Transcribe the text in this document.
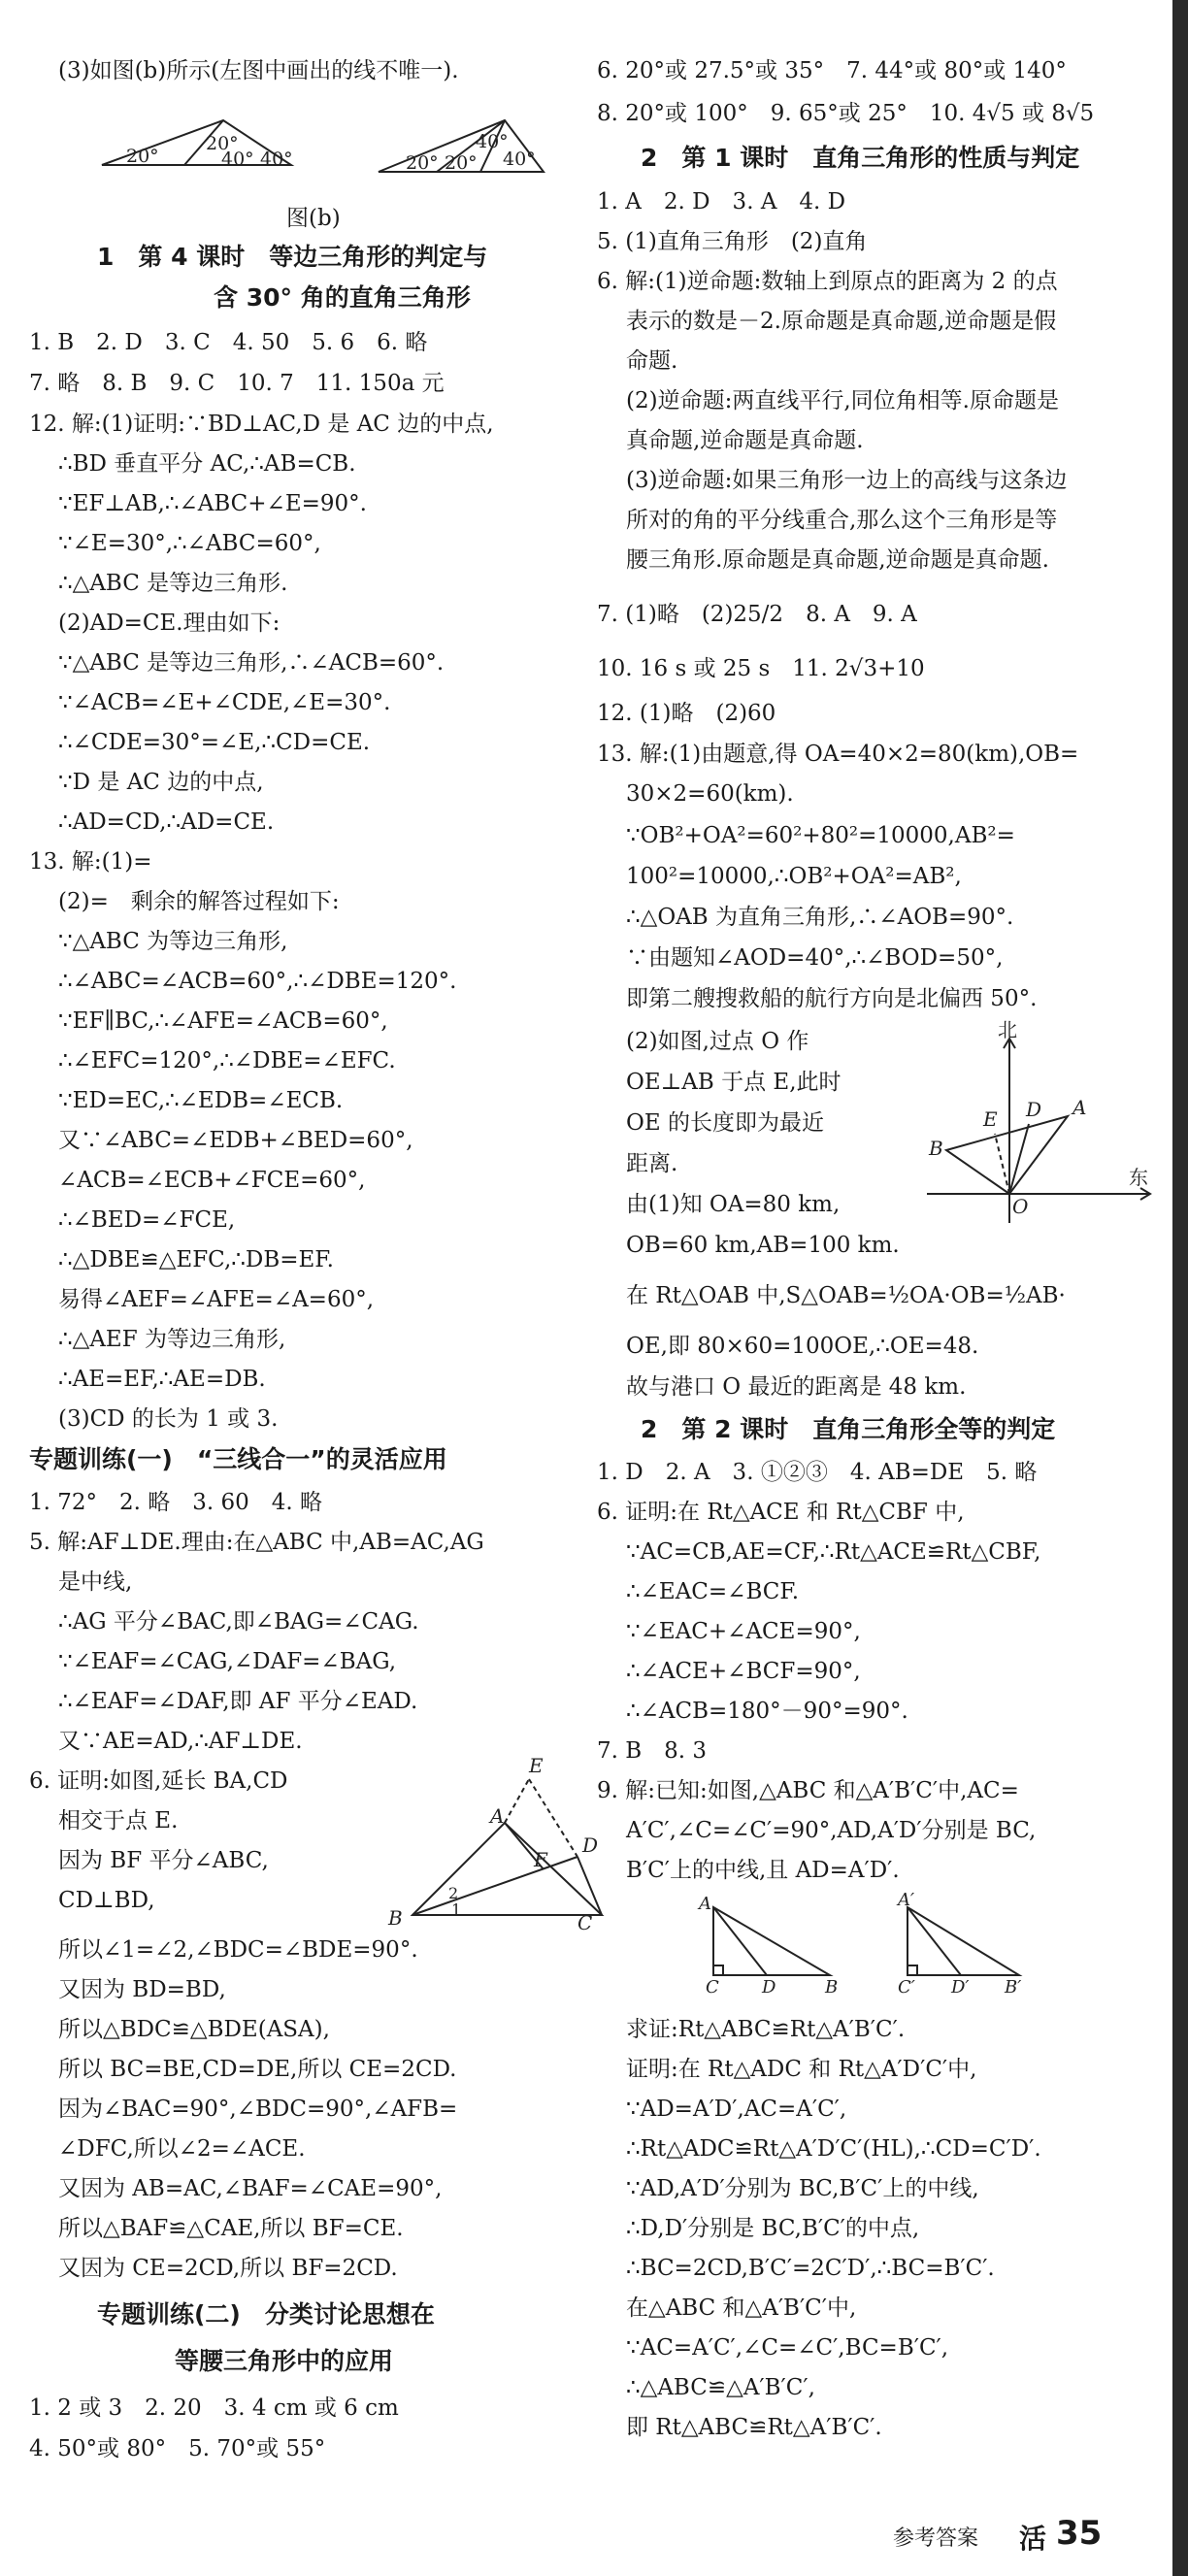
(3)如图(b)所示(左图中画出的线不唯一).
20°
20°
40° 40°
40°
20° 20° 40°
图(b)
1　第 4 课时　等边三角形的判定与
含 30° 角的直角三角形
1. B　2. D　3. C　4. 50　5. 6　6. 略
7. 略　8. B　9. C　10. 7　11. 150a 元
12. 解:(1)证明:∵BD⊥AC,D 是 AC 边的中点,
∴BD 垂直平分 AC,∴AB=CB.
∵EF⊥AB,∴∠ABC+∠E=90°.
∵∠E=30°,∴∠ABC=60°,
∴△ABC 是等边三角形.
(2)AD=CE.理由如下:
∵△ABC 是等边三角形,∴∠ACB=60°.
∵∠ACB=∠E+∠CDE,∠E=30°.
∴∠CDE=30°=∠E,∴CD=CE.
∵D 是 AC 边的中点,
∴AD=CD,∴AD=CE.
13. 解:(1)=
(2)=　剩余的解答过程如下:
∵△ABC 为等边三角形,
∴∠ABC=∠ACB=60°,∴∠DBE=120°.
∵EF∥BC,∴∠AFE=∠ACB=60°,
∴∠EFC=120°,∴∠DBE=∠EFC.
∵ED=EC,∴∠EDB=∠ECB.
又∵∠ABC=∠EDB+∠BED=60°,
∠ACB=∠ECB+∠FCE=60°,
∴∠BED=∠FCE,
∴△DBE≌△EFC,∴DB=EF.
易得∠AEF=∠AFE=∠A=60°,
∴△AEF 为等边三角形,
∴AE=EF,∴AE=DB.
(3)CD 的长为 1 或 3.
专题训练(一)　“三线合一”的灵活应用
1. 72°　2. 略　3. 60　4. 略
5. 解:AF⊥DE.理由:在△ABC 中,AB=AC,AG
是中线,
∴AG 平分∠BAC,即∠BAG=∠CAG.
∵∠EAF=∠CAG,∠DAF=∠BAG,
∴∠EAF=∠DAF,即 AF 平分∠EAD.
又∵AE=AD,∴AF⊥DE.
6. 证明:如图,延长 BA,CD
相交于点 E.
因为 BF 平分∠ABC,
CD⊥BD,
A
B	C
D
E
F
1
2
所以∠1=∠2,∠BDC=∠BDE=90°.
又因为 BD=BD,
所以△BDC≌△BDE(ASA),
所以 BC=BE,CD=DE,所以 CE=2CD.
因为∠BAC=90°,∠BDC=90°,∠AFB=
∠DFC,所以∠2=∠ACE.
又因为 AB=AC,∠BAF=∠CAE=90°,
所以△BAF≌△CAE,所以 BF=CE.
又因为 CE=2CD,所以 BF=2CD.
专题训练(二)　分类讨论思想在
等腰三角形中的应用
1. 2 或 3　2. 20　3. 4 cm 或 6 cm
4. 50°或 80°　5. 70°或 55°
6. 20°或 27.5°或 35°　7. 44°或 80°或 140°
8. 20°或 100°　9. 65°或 25°　10. 4√5 或 8√5
2　第 1 课时　直角三角形的性质与判定
1. A　2. D　3. A　4. D
5. (1)直角三角形　(2)直角
6. 解:(1)逆命题:数轴上到原点的距离为 2 的点
表示的数是－2.原命题是真命题,逆命题是假
命题.
(2)逆命题:两直线平行,同位角相等.原命题是
真命题,逆命题是真命题.
(3)逆命题:如果三角形一边上的高线与这条边
所对的角的平分线重合,那么这个三角形是等
腰三角形.原命题是真命题,逆命题是真命题.
7. (1)略　(2)25/2　8. A　9. A
10. 16 s 或 25 s　11. 2√3+10
12. (1)略　(2)60
13. 解:(1)由题意,得 OA=40×2=80(km),OB=
30×2=60(km).
∵OB²+OA²=60²+80²=10000,AB²=
100²=10000,∴OB²+OA²=AB²,
∴△OAB 为直角三角形,∴∠AOB=90°.
∵由题知∠AOD=40°,∴∠BOD=50°,
即第二艘搜救船的航行方向是北偏西 50°.
(2)如图,过点 O 作
OE⊥AB 于点 E,此时
OE 的长度即为最近
距离.
北
东
A
B
D
E
O
由(1)知 OA=80 km,
OB=60 km,AB=100 km.
在 Rt△OAB 中,S△OAB=½OA·OB=½AB·
OE,即 80×60=100OE,∴OE=48.
故与港口 O 最近的距离是 48 km.
2　第 2 课时　直角三角形全等的判定
1. D　2. A　3. ①②③　4. AB=DE　5. 略
6. 证明:在 Rt△ACE 和 Rt△CBF 中,
∵AC=CB,AE=CF,∴Rt△ACE≌Rt△CBF,
∴∠EAC=∠BCF.
∵∠EAC+∠ACE=90°,
∴∠ACE+∠BCF=90°,
∴∠ACB=180°－90°=90°.
7. B　8. 3
9. 解:已知:如图,△ABC 和△A′B′C′中,AC=
A′C′,∠C=∠C′=90°,AD,A′D′分别是 BC,
B′C′上的中线,且 AD=A′D′.
A
B
C D
A′
B′
C′ D′
求证:Rt△ABC≌Rt△A′B′C′.
证明:在 Rt△ADC 和 Rt△A′D′C′中,
∵AD=A′D′,AC=A′C′,
∴Rt△ADC≌Rt△A′D′C′(HL),∴CD=C′D′.
∵AD,A′D′分别为 BC,B′C′上的中线,
∴D,D′分别是 BC,B′C′的中点,
∴BC=2CD,B′C′=2C′D′,∴BC=B′C′.
在△ABC 和△A′B′C′中,
∵AC=A′C′,∠C=∠C′,BC=B′C′,
∴△ABC≌△A′B′C′,
即 Rt△ABC≌Rt△A′B′C′.
参考答案 活 35
